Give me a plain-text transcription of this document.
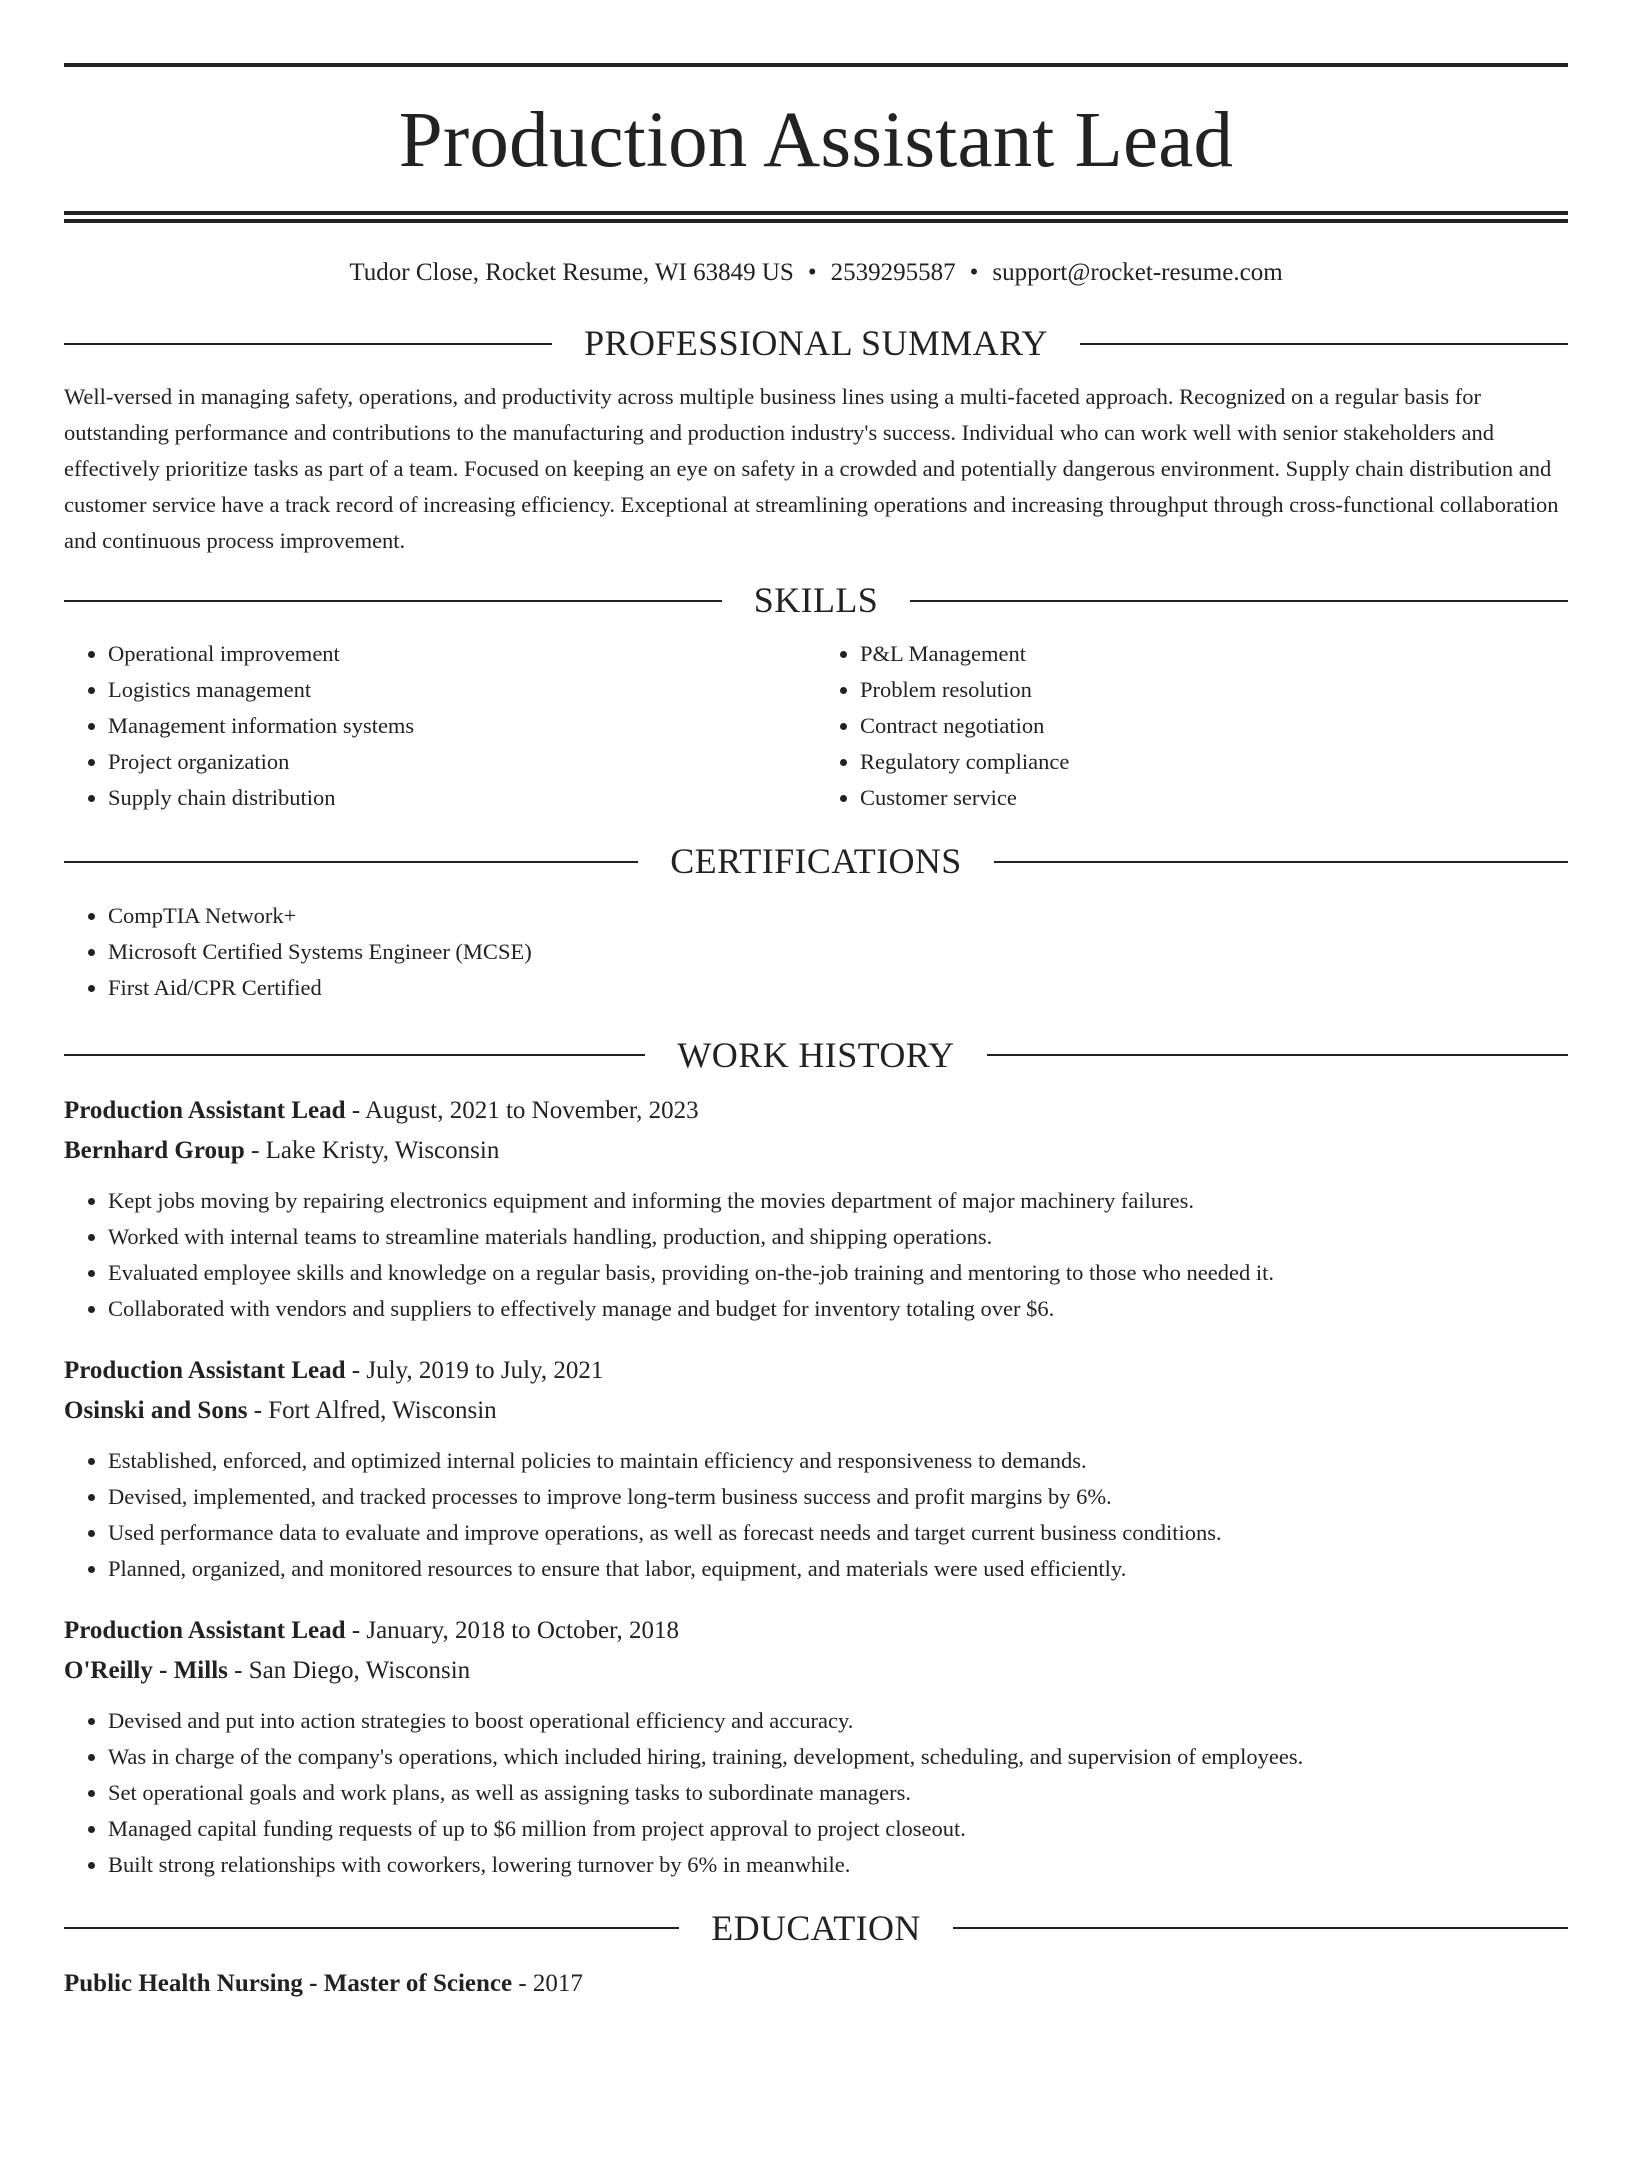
Production Assistant Lead
Tudor Close, Rocket Resume, WI 63849 US • 2539295587 • support@rocket-resume.com
PROFESSIONAL SUMMARY

Well-versed in managing safety, operations, and productivity across multiple business lines using a multi-faceted approach. Recognized on a regular basis for outstanding performance and contributions to the manufacturing and production industry's success. Individual who can work well with senior stakeholders and effectively prioritize tasks as part of a team. Focused on keeping an eye on safety in a crowded and potentially dangerous environment. Supply chain distribution and customer service have a track record of increasing efficiency. Exceptional at streamlining operations and increasing throughput through cross-functional collaboration and continuous process improvement.

SKILLS
• Operational improvement
• Logistics management
• Management information systems
• Project organization
• Supply chain distribution
• P&L Management
• Problem resolution
• Contract negotiation
• Regulatory compliance
• Customer service
CERTIFICATIONS
• CompTIA Network+
• Microsoft Certified Systems Engineer (MCSE)
• First Aid/CPR Certified
WORK HISTORY
Production Assistant Lead - August, 2021 to November, 2023
Bernhard Group - Lake Kristy, Wisconsin
• Kept jobs moving by repairing electronics equipment and informing the movies department of major machinery failures.
• Worked with internal teams to streamline materials handling, production, and shipping operations.
• Evaluated employee skills and knowledge on a regular basis, providing on-the-job training and mentoring to those who needed it.
• Collaborated with vendors and suppliers to effectively manage and budget for inventory totaling over $6.
Production Assistant Lead - July, 2019 to July, 2021
Osinski and Sons - Fort Alfred, Wisconsin
• Established, enforced, and optimized internal policies to maintain efficiency and responsiveness to demands.
• Devised, implemented, and tracked processes to improve long-term business success and profit margins by 6%.
• Used performance data to evaluate and improve operations, as well as forecast needs and target current business conditions.
• Planned, organized, and monitored resources to ensure that labor, equipment, and materials were used efficiently.
Production Assistant Lead - January, 2018 to October, 2018
O'Reilly - Mills - San Diego, Wisconsin
• Devised and put into action strategies to boost operational efficiency and accuracy.
• Was in charge of the company's operations, which included hiring, training, development, scheduling, and supervision of employees.
• Set operational goals and work plans, as well as assigning tasks to subordinate managers.
• Managed capital funding requests of up to $6 million from project approval to project closeout.
• Built strong relationships with coworkers, lowering turnover by 6% in meanwhile.
EDUCATION
Public Health Nursing - Master of Science - 2017
